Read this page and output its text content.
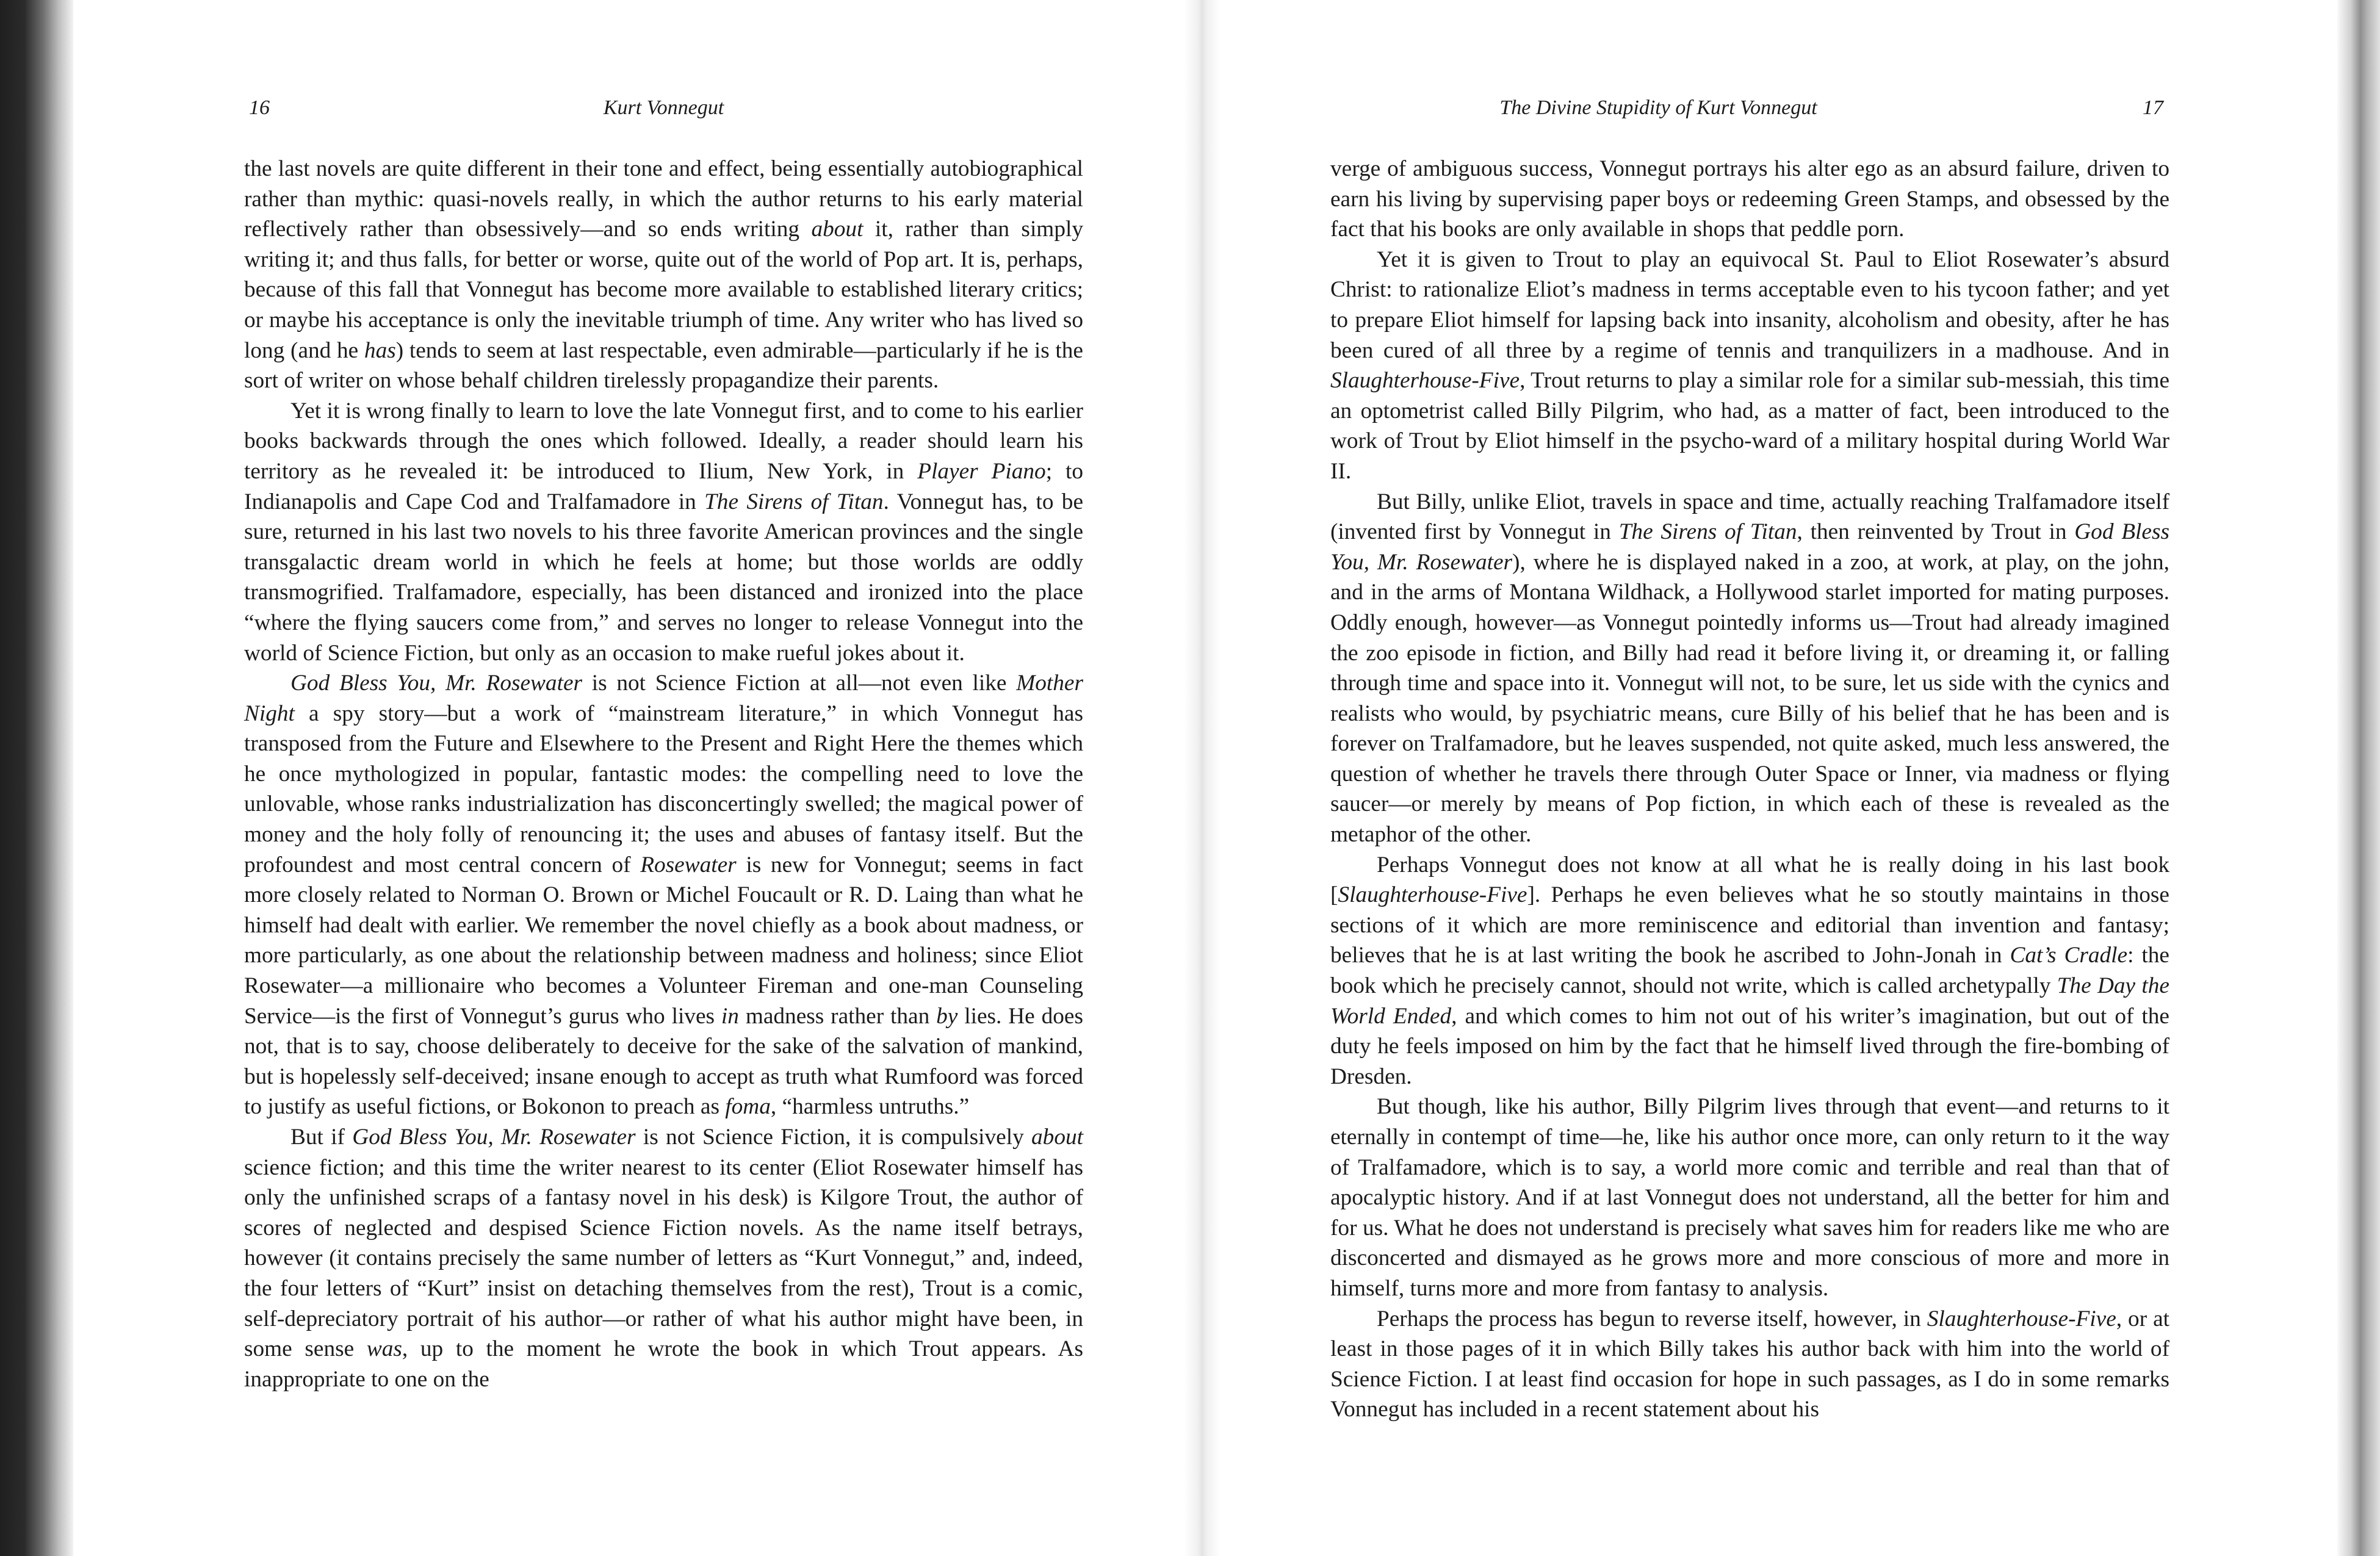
16	Kurt Vonnegut

the last novels are quite different in their tone and effect, being essentially autobiographical rather than mythic: quasi-novels really, in which the author returns to his early material reflectively rather than obsessively—and so ends writing about it, rather than simply writing it; and thus falls, for better or worse, quite out of the world of Pop art. It is, perhaps, because of this fall that Vonnegut has become more available to established literary critics; or maybe his acceptance is only the inevitable triumph of time. Any writer who has lived so long (and he has) tends to seem at last respectable, even admirable—particularly if he is the sort of writer on whose behalf children tirelessly propagandize their parents.

Yet it is wrong finally to learn to love the late Vonnegut first, and to come to his earlier books backwards through the ones which followed. Ideally, a reader should learn his territory as he revealed it: be introduced to Ilium, New York, in Player Piano; to Indianapolis and Cape Cod and Tralfamadore in The Sirens of Titan. Vonnegut has, to be sure, returned in his last two novels to his three favorite American provinces and the single transgalactic dream world in which he feels at home; but those worlds are oddly transmogrified. Tralfamadore, especially, has been distanced and ironized into the place “where the flying saucers come from,” and serves no longer to release Vonnegut into the world of Science Fiction, but only as an occasion to make rueful jokes about it.

God Bless You, Mr. Rosewater is not Science Fiction at all—not even like Mother Night a spy story—but a work of “mainstream literature,” in which Vonnegut has transposed from the Future and Elsewhere to the Present and Right Here the themes which he once mythologized in popular, fantastic modes: the compelling need to love the unlovable, whose ranks industrialization has disconcertingly swelled; the magical power of money and the holy folly of renouncing it; the uses and abuses of fantasy itself. But the profoundest and most central concern of Rosewater is new for Vonnegut; seems in fact more closely related to Norman O. Brown or Michel Foucault or R. D. Laing than what he himself had dealt with earlier. We remember the novel chiefly as a book about madness, or more particularly, as one about the relationship between madness and holiness; since Eliot Rosewater—a millionaire who becomes a Volunteer Fireman and one-man Counseling Service—is the first of Vonnegut’s gurus who lives in madness rather than by lies. He does not, that is to say, choose deliberately to deceive for the sake of the salvation of mankind, but is hopelessly self-deceived; insane enough to accept as truth what Rumfoord was forced to justify as useful fictions, or Bokonon to preach as foma, “harmless untruths.”

But if God Bless You, Mr. Rosewater is not Science Fiction, it is compulsively about science fiction; and this time the writer nearest to its center (Eliot Rosewater himself has only the unfinished scraps of a fantasy novel in his desk) is Kilgore Trout, the author of scores of neglected and despised Science Fiction novels. As the name itself betrays, however (it contains precisely the same number of letters as “Kurt Vonnegut,” and, indeed, the four letters of “Kurt” insist on detaching themselves from the rest), Trout is a comic, self-depreciatory portrait of his author—or rather of what his author might have been, in some sense was, up to the moment he wrote the book in which Trout appears. As inappropriate to one on the

The Divine Stupidity of Kurt Vonnegut	17

verge of ambiguous success, Vonnegut portrays his alter ego as an absurd failure, driven to earn his living by supervising paper boys or redeeming Green Stamps, and obsessed by the fact that his books are only available in shops that peddle porn.

Yet it is given to Trout to play an equivocal St. Paul to Eliot Rosewater’s absurd Christ: to rationalize Eliot’s madness in terms acceptable even to his tycoon father; and yet to prepare Eliot himself for lapsing back into insanity, alcoholism and obesity, after he has been cured of all three by a regime of tennis and tranquilizers in a madhouse. And in Slaughterhouse-Five, Trout returns to play a similar role for a similar sub-messiah, this time an optometrist called Billy Pilgrim, who had, as a matter of fact, been introduced to the work of Trout by Eliot himself in the psycho-ward of a military hospital during World War II.

But Billy, unlike Eliot, travels in space and time, actually reaching Tralfamadore itself (invented first by Vonnegut in The Sirens of Titan, then reinvented by Trout in God Bless You, Mr. Rosewater), where he is displayed naked in a zoo, at work, at play, on the john, and in the arms of Montana Wildhack, a Hollywood starlet imported for mating purposes. Oddly enough, however—as Vonnegut pointedly informs us—Trout had already imagined the zoo episode in fiction, and Billy had read it before living it, or dreaming it, or falling through time and space into it. Vonnegut will not, to be sure, let us side with the cynics and realists who would, by psychiatric means, cure Billy of his belief that he has been and is forever on Tralfamadore, but he leaves suspended, not quite asked, much less answered, the question of whether he travels there through Outer Space or Inner, via madness or flying saucer—or merely by means of Pop fiction, in which each of these is revealed as the metaphor of the other.

Perhaps Vonnegut does not know at all what he is really doing in his last book [Slaughterhouse-Five]. Perhaps he even believes what he so stoutly maintains in those sections of it which are more reminiscence and editorial than invention and fantasy; believes that he is at last writing the book he ascribed to John-Jonah in Cat’s Cradle: the book which he precisely cannot, should not write, which is called archetypally The Day the World Ended, and which comes to him not out of his writer’s imagination, but out of the duty he feels imposed on him by the fact that he himself lived through the fire-bombing of Dresden.

But though, like his author, Billy Pilgrim lives through that event—and returns to it eternally in contempt of time—he, like his author once more, can only return to it the way of Tralfamadore, which is to say, a world more comic and terrible and real than that of apocalyptic history. And if at last Vonnegut does not understand, all the better for him and for us. What he does not understand is precisely what saves him for readers like me who are disconcerted and dismayed as he grows more and more conscious of more and more in himself, turns more and more from fantasy to analysis.

Perhaps the process has begun to reverse itself, however, in Slaughterhouse-Five, or at least in those pages of it in which Billy takes his author back with him into the world of Science Fiction. I at least find occasion for hope in such passages, as I do in some remarks Vonnegut has included in a recent statement about his
